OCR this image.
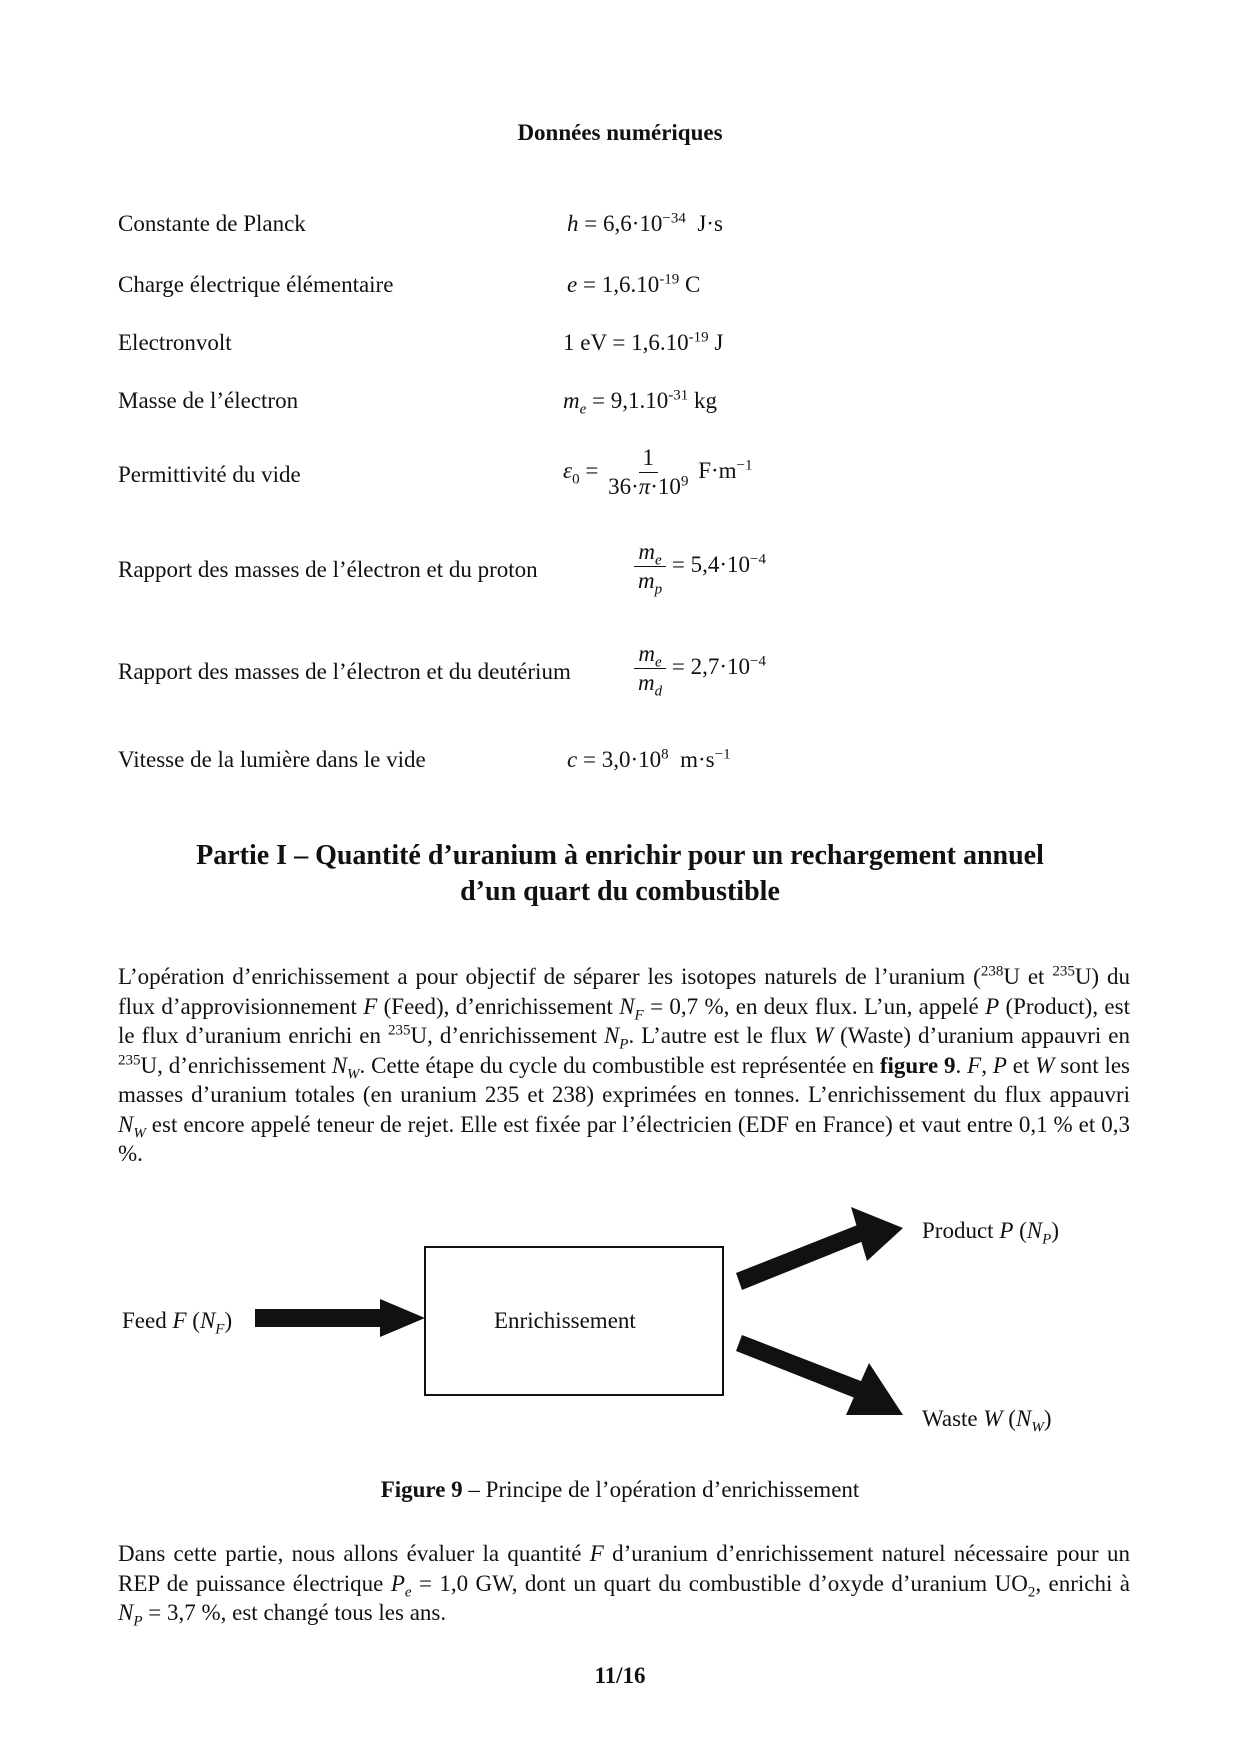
Données numériques
Constante de Planck
Charge électrique élémentaire
Electronvolt
Masse de l’électron
Permittivité du vide
Rapport des masses de l’électron et du proton
Rapport des masses de l’électron et du deutérium
Vitesse de la lumière dans le vide
$h = 6,6\cdot 10^{-34}$  J·s
$e = 1,6.10^{-19}$ C
1 eV = $1,6.10^{-19}$ J
$m_e = 9,1.10^{-31}$ kg
$\varepsilon_0 = \frac{1}{36\cdot\pi\cdot 10^9} F\cdot m^{-1}$
$\frac{m_e}{m_p} = 5,4\cdot 10^{-4}$
$\frac{m_e}{m_d} = 2,7\cdot 10^{-4}$
$c = 3,0\cdot 10^8$  $m\cdot s^{-1}$
Partie I – Quantité d’uranium à enrichir pour un rechargement annuel
d’un quart du combustible
L’opération d’enrichissement a pour objectif de séparer les isotopes naturels de l’uranium ($^{238}$U et $^{235}$U) du flux d’approvisionnement F (Feed), d’enrichissement $N_F = 0,7$ %, en deux flux. L’un, appelé P (Product), est le flux d’uranium enrichi en $^{235}$U, d’enrichissement $N_P$. L’autre est le flux W (Waste) d’uranium appauvri en $^{235}$U, d’enrichissement $N_W$. Cette étape du cycle du combustible est représentée en figure 9. F, P et W sont les masses d’uranium totales (en uranium 235 et 238) exprimées en tonnes. L’enrichissement du flux appauvri $N_W$ est encore appelé teneur de rejet. Elle est fixée par l’électricien (EDF en France) et vaut entre 0,1 % et 0,3 %.
Feed F $(N_F)$	Enrichissement
Product P $(N_P)$
Waste W $(N_W)$
Figure 9 – Principe de l’opération d’enrichissement
Dans cette partie, nous allons évaluer la quantité F d’uranium d’enrichissement naturel nécessaire pour un REP de puissance électrique $P_e = 1,0$ GW, dont un quart du combustible d’oxyde d’uranium $UO_2$, enrichi à $N_P = 3,7$ %, est changé tous les ans.
11/16
